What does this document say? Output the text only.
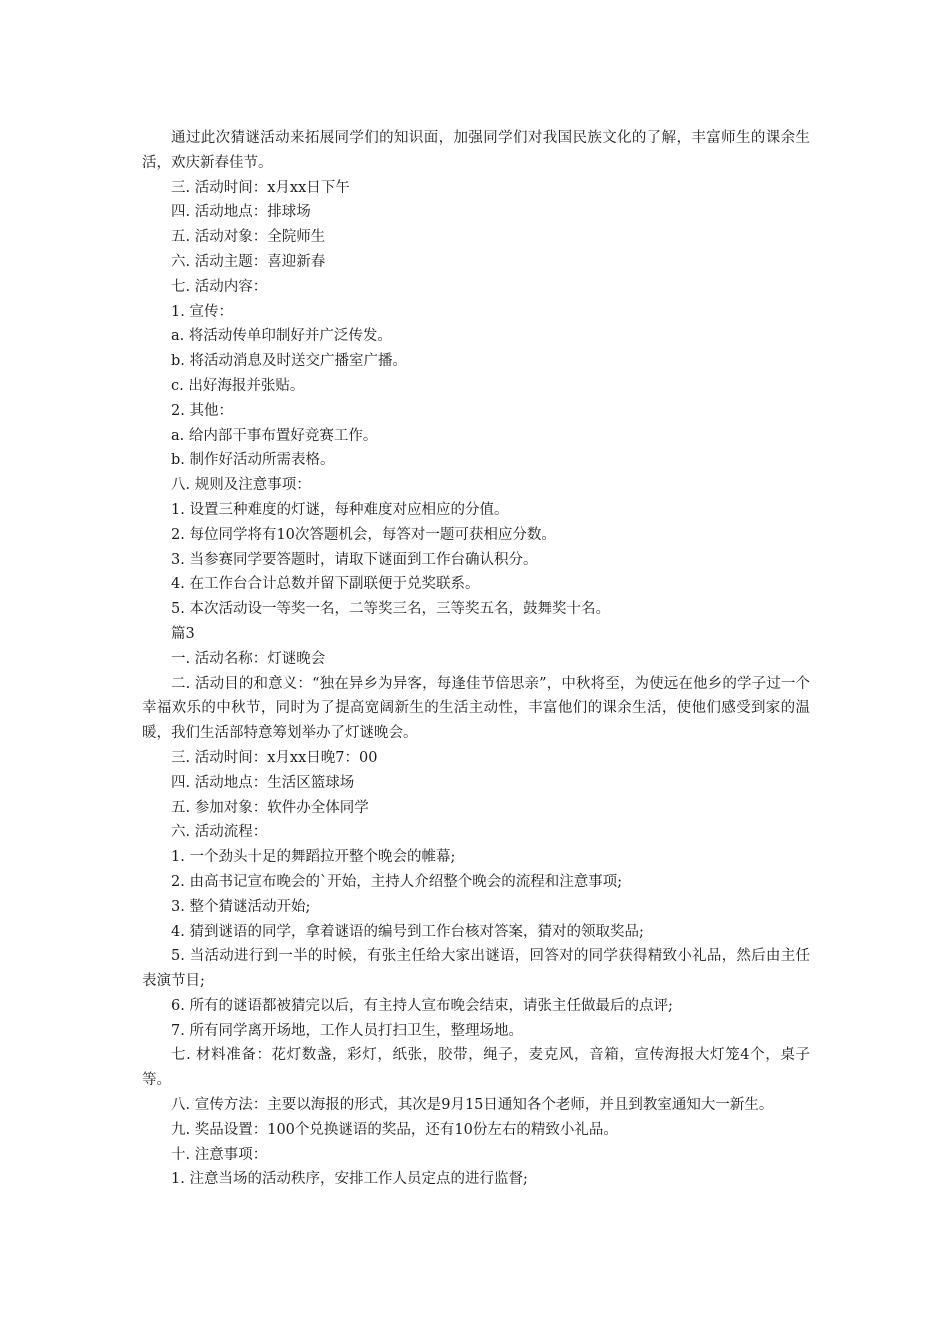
通过此次猜谜活动来拓展同学们的知识面，加强同学们对我国民族文化的了解，丰富师生的课余生活，欢庆新春佳节。

三. 活动时间：x月xx日下午

四. 活动地点：排球场

五. 活动对象：全院师生

六. 活动主题：喜迎新春

七. 活动内容：

1. 宣传：

a. 将活动传单印制好并广泛传发。

b. 将活动消息及时送交广播室广播。

c. 出好海报并张贴。

2. 其他：

a. 给内部干事布置好竞赛工作。

b. 制作好活动所需表格。

八. 规则及注意事项：

1. 设置三种难度的灯谜，每种难度对应相应的分值。

2. 每位同学将有10次答题机会，每答对一题可获相应分数。

3. 当参赛同学要答题时，请取下谜面到工作台确认积分。

4. 在工作台合计总数并留下副联便于兑奖联系。

5. 本次活动设一等奖一名，二等奖三名，三等奖五名，鼓舞奖十名。

篇3

一. 活动名称：灯谜晚会

二. 活动目的和意义：“独在异乡为异客，每逢佳节倍思亲”，中秋将至，为使远在他乡的学子过一个幸福欢乐的中秋节，同时为了提高宽阔新生的生活主动性，丰富他们的课余生活，使他们感受到家的温暖，我们生活部特意筹划举办了灯谜晚会。

三. 活动时间：x月xx日晚7：00

四. 活动地点：生活区篮球场

五. 参加对象：软件办全体同学

六. 活动流程：

1. 一个劲头十足的舞蹈拉开整个晚会的帷幕;

2. 由高书记宣布晚会的`开始，主持人介绍整个晚会的流程和注意事项;

3. 整个猜谜活动开始;

4. 猜到谜语的同学，拿着谜语的编号到工作台核对答案，猜对的领取奖品;

5. 当活动进行到一半的时候，有张主任给大家出谜语，回答对的同学获得精致小礼品，然后由主任表演节目;

6. 所有的谜语都被猜完以后，有主持人宣布晚会结束，请张主任做最后的点评;

7. 所有同学离开场地，工作人员打扫卫生，整理场地。

七. 材料准备：花灯数盏，彩灯，纸张，胶带，绳子，麦克风，音箱，宣传海报大灯笼4个，桌子等。

八. 宣传方法：主要以海报的形式，其次是9月15日通知各个老师，并且到教室通知大一新生。

九. 奖品设置：100个兑换谜语的奖品，还有10份左右的精致小礼品。

十. 注意事项：

1. 注意当场的活动秩序，安排工作人员定点的进行监督;
